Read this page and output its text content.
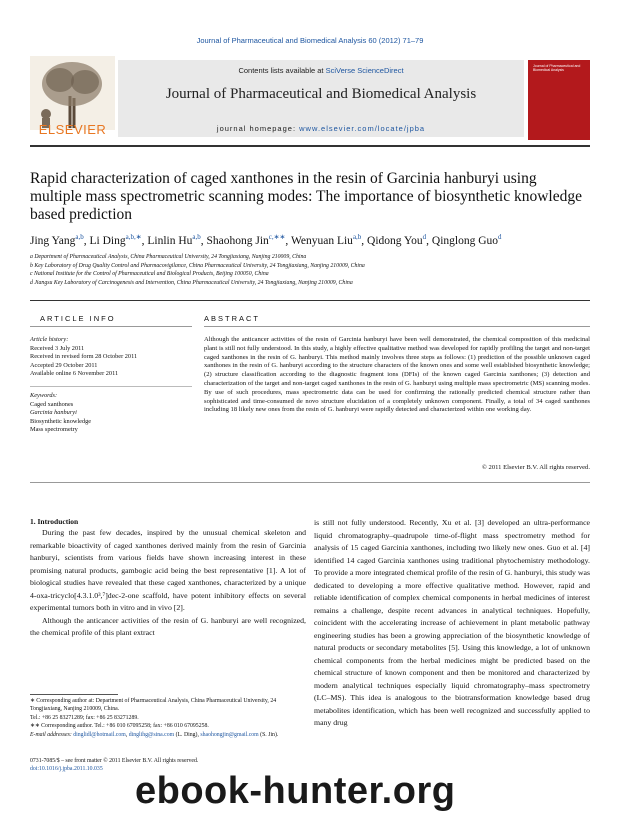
Journal of Pharmaceutical and Biomedical Analysis 60 (2012) 71–79
ELSEVIER
Contents lists available at SciVerse ScienceDirect
Journal of Pharmaceutical and Biomedical Analysis
journal homepage: www.elsevier.com/locate/jpba
Journal of Pharmaceutical and Biomedical Analysis
Rapid characterization of caged xanthones in the resin of Garcinia hanburyi using multiple mass spectrometric scanning modes: The importance of biosynthetic knowledge based prediction
Jing Yang$^{a,b}$, Li Ding$^{a,b,∗}$, Linlin Hu$^{a,b}$, Shaohong Jin$^{c,∗∗}$, Wenyuan Liu$^{a,b}$, Qidong You$^d$, Qinglong Guo$^d$
a Department of Pharmaceutical Analysis, China Pharmaceutical University, 24 Tongjiaxiang, Nanjing 210009, China
b Key Laboratory of Drug Quality Control and Pharmacovigilance, China Pharmaceutical University, 24 Tongjiaxiang, Nanjing 210009, China
c National Institute for the Control of Pharmaceutical and Biological Products, Beijing 100050, China
d Jiangsu Key Laboratory of Carcinogenesis and Intervention, China Pharmaceutical University, 24 Tongjiaxiang, Nanjing 210009, China
ARTICLE INFO	ABSTRACT
Article history:
Received 3 July 2011
Received in revised form 28 October 2011
Accepted 29 October 2011
Available online 6 November 2011
Keywords:
Caged xanthones
Garcinia hanburyi
Biosynthetic knowledge
Mass spectrometry
Although the anticancer activities of the resin of Garcinia hanburyi have been well demonstrated, the chemical composition of this medicinal plant is still not fully understood. In this study, a highly effective qualitative method was developed for rapidly profiling the target and non-target caged xanthones in the resin of G. hanburyi. This method mainly involves three steps as follows: (1) prediction of the possible unknown caged xanthones in the resin of G. hanburyi according to the structure characters of the known ones and some well established biosynthetic knowledge; (2) structure classification according to the diagnostic fragment ions (DFIs) of the known caged Garcinia xanthones; (3) detection and characterization of the target and non-target caged xanthones in the resin of G. hanburyi using multiple mass spectrometric (MS) scanning modes. By use of such procedures, mass spectrometric data can be used for confirming the rationally predicted chemical structure rather than sophisticated and time-consumed de novo structure elucidation of a completely unknown component. Finally, a total of 34 caged xanthones including 18 likely new ones from the resin of G. hanburyi were rapidly detected and characterized within one working day.
© 2011 Elsevier B.V. All rights reserved.
1. Introduction
During the past few decades, inspired by the unusual chemical skeleton and remarkable bioactivity of caged xanthones derived mainly from the resin of Garcinia hanburyi, scientists from various fields have shown increasing interest in these promising natural products, gambogic acid being the best representative [1]. A lot of biological studies have revealed that these caged xanthones, characterized by a unique 4-oxa-tricyclo[4.3.1.0³,⁷]dec-2-one scaffold, have potent inhibitory effects on several experimental tumors both in vitro and in vivo [2].
Although the anticancer activities of the resin of G. hanburyi are well recognized, the chemical profile of this plant extract
is still not fully understood. Recently, Xu et al. [3] developed an ultra-performance liquid chromatography–quadrupole time-of-flight mass spectrometry method for analysis of 15 caged Garcinia xanthones, including two likely new ones. Guo et al. [4] identified 14 caged Garcinia xanthones using traditional phytochemistry methodology. To provide a more integrated chemical profile of the resin of G. hanburyi, this study was dedicated to developing a more effective qualitative method. However, rapid and reliable identification of complex chemical components in herbal medicines of interest remains a challenge, despite recent advances in analytical techniques. Hopefully, coincident with the accelerating increase of achievement in plant metabolic pathway engineering studies has been a growing appreciation of the biosynthetic knowledge of natural products or secondary metabolites [5]. Using this knowledge, a lot of unknown chemical components from the herbal medicines might be predicted based on the chemical structure of known component and then be monitored and characterized by modern analytical techniques especially liquid chromatography–mass spectrometry (LC–MS). This idea is analogous to the biotransformation knowledge based drug metabolites identification, which has been well recognized and successfully applied to many drug
∗ Corresponding author at: Department of Pharmaceutical Analysis, China Pharmaceutical University, 24 Tongjiaxiang, Nanjing 210009, China.
Tel.: +86 25 83271289; fax: +86 25 83271289.
∗∗ Corresponding author. Tel.: +86 010 67095258; fax: +86 010 67095258.
E-mail addresses: dinglidl@hotmail.com, dinglihg@sina.com (L. Ding), shaohongjin@gmail.com (S. Jin).
0731-7085/$ – see front matter © 2011 Elsevier B.V. All rights reserved.
doi:10.1016/j.jpba.2011.10.035
ebook-hunter.org
